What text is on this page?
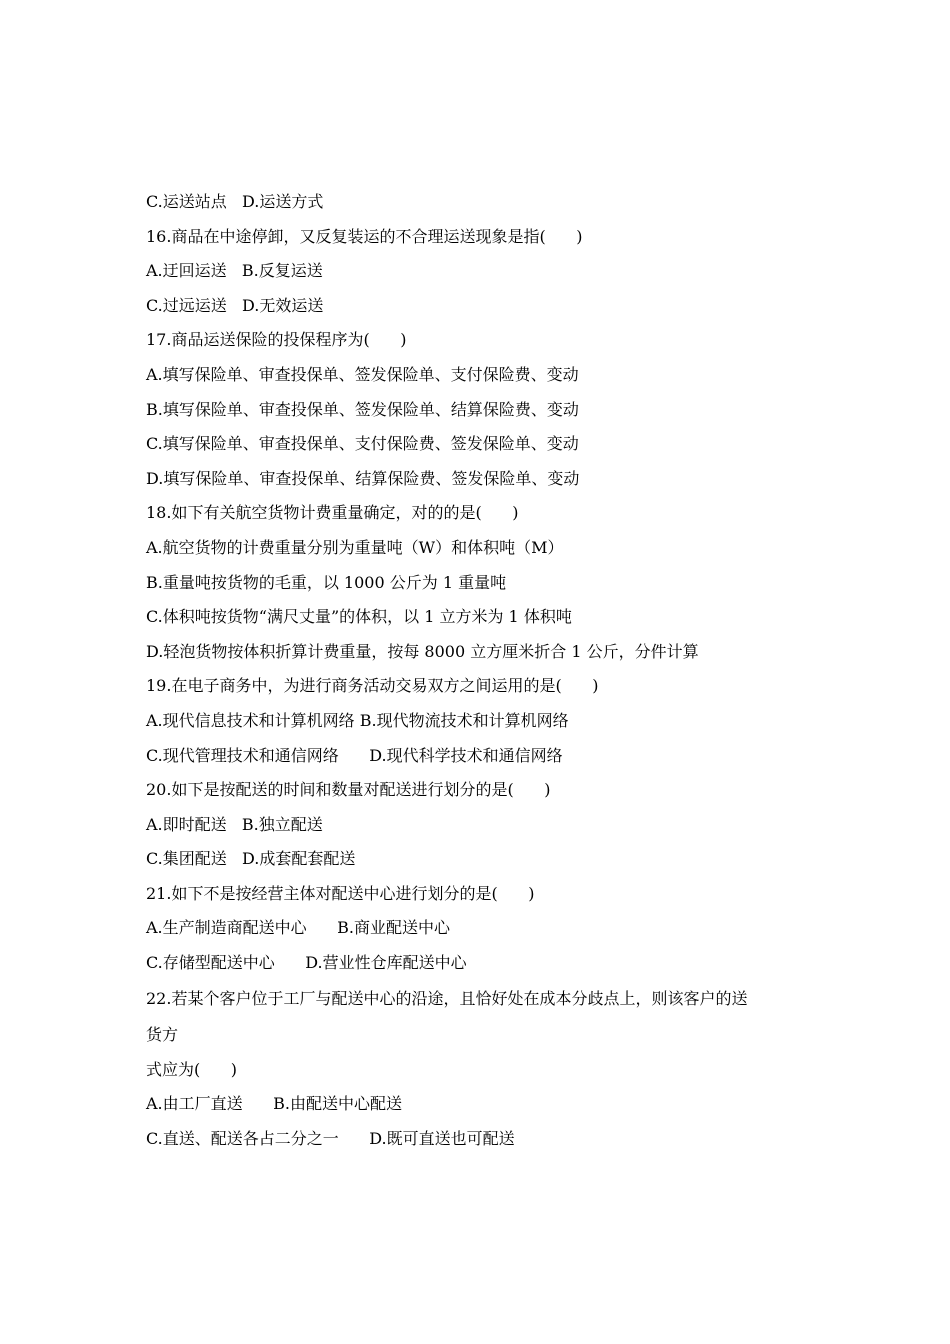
C.运送站点   D.运送方式
16.商品在中途停卸，又反复装运的不合理运送现象是指(      )
A.迂回运送   B.反复运送
C.过远运送   D.无效运送
17.商品运送保险的投保程序为(      )
A.填写保险单、审查投保单、签发保险单、支付保险费、变动
B.填写保险单、审查投保单、签发保险单、结算保险费、变动
C.填写保险单、审查投保单、支付保险费、签发保险单、变动
D.填写保险单、审查投保单、结算保险费、签发保险单、变动
18.如下有关航空货物计费重量确定，对的的是(      )
A.航空货物的计费重量分别为重量吨（W）和体积吨（M）
B.重量吨按货物的毛重，以 1000 公斤为 1 重量吨
C.体积吨按货物“满尺丈量”的体积，以 1 立方米为 1 体积吨
D.轻泡货物按体积折算计费重量，按每 8000 立方厘米折合 1 公斤，分件计算
19.在电子商务中，为进行商务活动交易双方之间运用的是(      )
A.现代信息技术和计算机网络 B.现代物流技术和计算机网络
C.现代管理技术和通信网络      D.现代科学技术和通信网络
20.如下是按配送的时间和数量对配送进行划分的是(      )
A.即时配送   B.独立配送
C.集团配送   D.成套配套配送
21.如下不是按经营主体对配送中心进行划分的是(      )
A.生产制造商配送中心      B.商业配送中心
C.存储型配送中心      D.营业性仓库配送中心
22.若某个客户位于工厂与配送中心的沿途，且恰好处在成本分歧点上，则该客户的送
货方
式应为(      )
A.由工厂直送      B.由配送中心配送
C.直送、配送各占二分之一      D.既可直送也可配送
